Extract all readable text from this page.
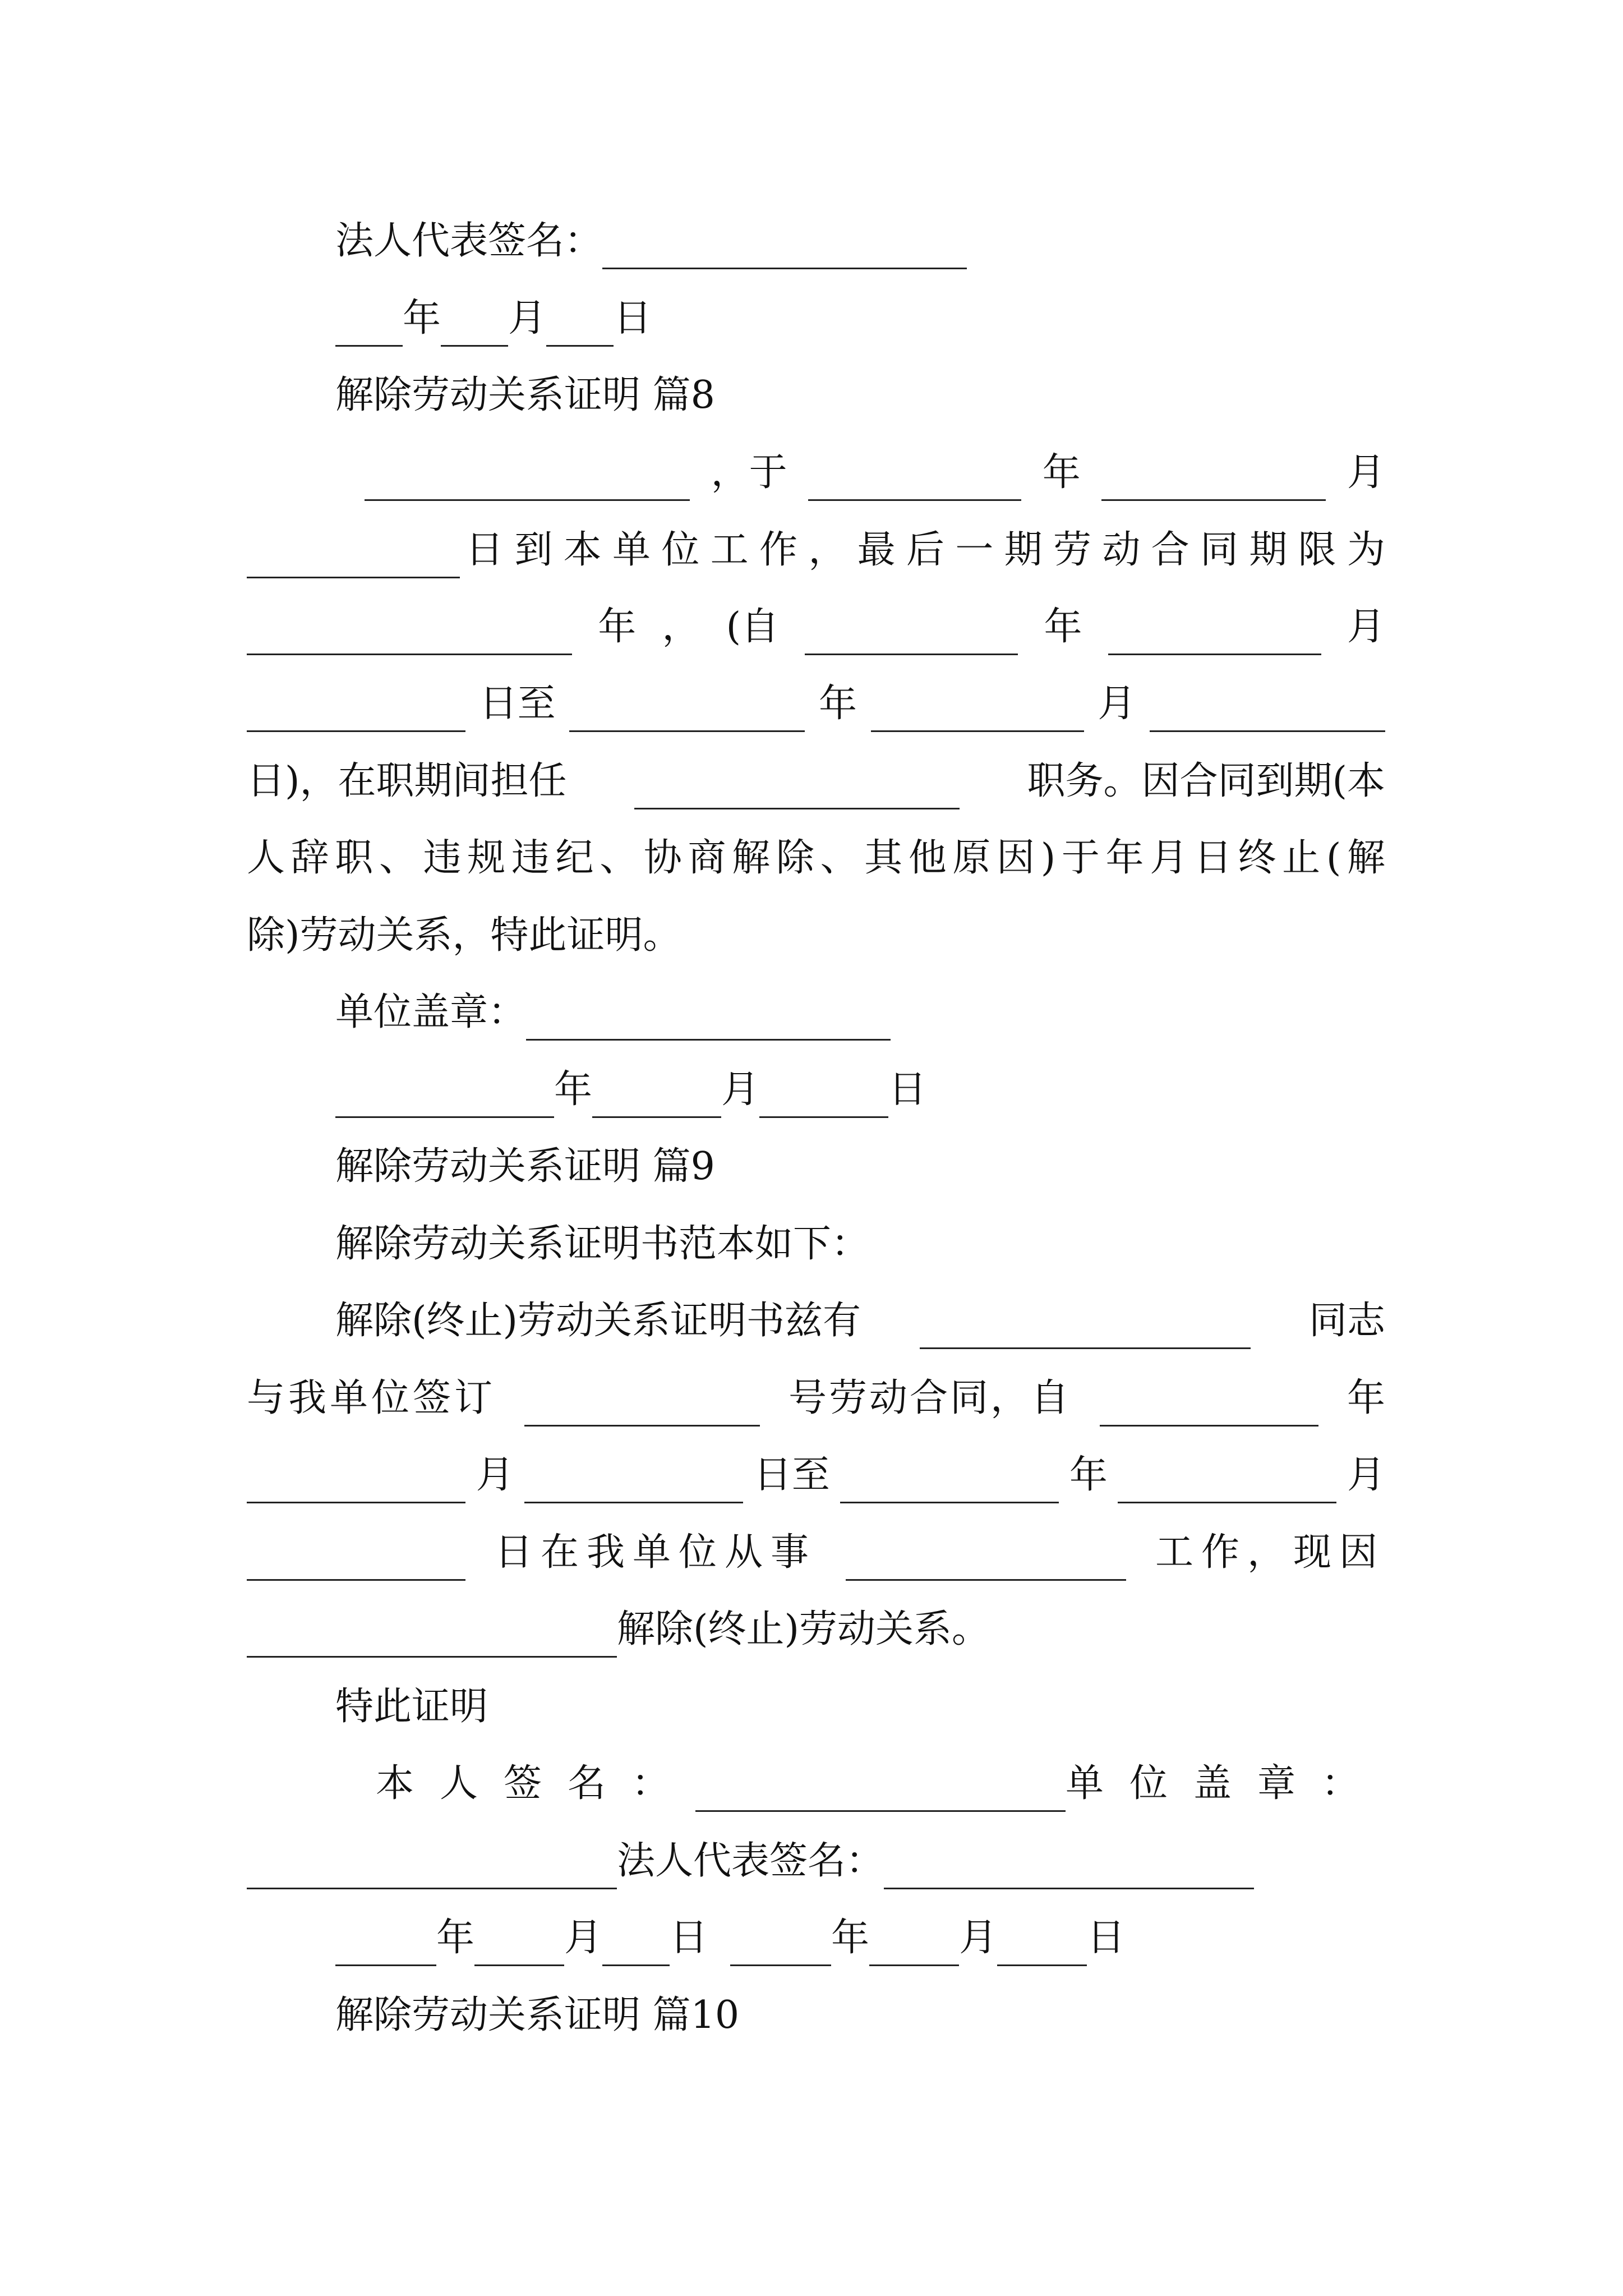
法人代表签名：
年 月 日
解除劳动关系证明 篇8
，于	年	月
日到本单位工作，最后一期劳动合同期限为
年 ， (自	年	月
日至	年	月
日)，在职期间担任	职务。因合同到期(本
人辞职、违规违纪、协商解除、其他原因)于年月日终止(解
除)劳动关系，特此证明。
单位盖章：
年	月	日
解除劳动关系证明 篇9
解除劳动关系证明书范本如下：
解除(终止)劳动关系证明书兹有	同志
与我单位签订	号劳动合同，自	年
月	日至	年	月
日在我单位从事	工作，现因
解除(终止)劳动关系。
特此证明
本人签名：	单位盖章：
法人代表签名：
年 月 日	年 月 日
解除劳动关系证明 篇10
